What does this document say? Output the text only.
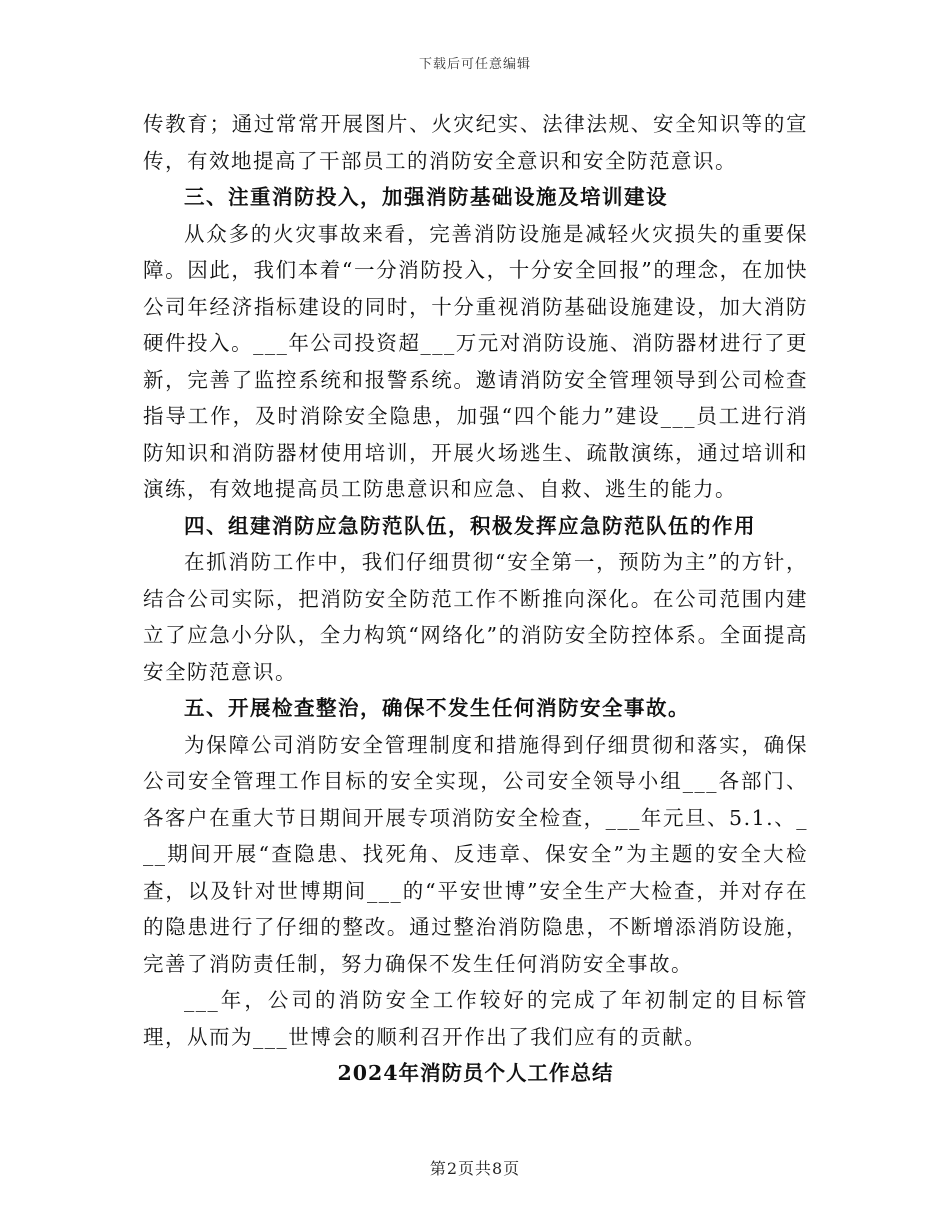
下载后可任意编辑

传教育；通过常常开展图片、火灾纪实、法律法规、安全知识等的宣传，有效地提高了干部员工的消防安全意识和安全防范意识。

三、注重消防投入，加强消防基础设施及培训建设

从众多的火灾事故来看，完善消防设施是减轻火灾损失的重要保障。因此，我们本着“一分消防投入，十分安全回报”的理念，在加快公司年经济指标建设的同时，十分重视消防基础设施建设，加大消防硬件投入。___年公司投资超___万元对消防设施、消防器材进行了更新，完善了监控系统和报警系统。邀请消防安全管理领导到公司检查指导工作，及时消除安全隐患，加强“四个能力”建设___员工进行消防知识和消防器材使用培训，开展火场逃生、疏散演练，通过培训和演练，有效地提高员工防患意识和应急、自救、逃生的能力。

四、组建消防应急防范队伍，积极发挥应急防范队伍的作用

在抓消防工作中，我们仔细贯彻“安全第一，预防为主”的方针，结合公司实际，把消防安全防范工作不断推向深化。在公司范围内建立了应急小分队，全力构筑“网络化”的消防安全防控体系。全面提高安全防范意识。

五、开展检查整治，确保不发生任何消防安全事故。

为保障公司消防安全管理制度和措施得到仔细贯彻和落实，确保公司安全管理工作目标的安全实现，公司安全领导小组___各部门、各客户在重大节日期间开展专项消防安全检查，___年元旦、5.1.、___期间开展“查隐患、找死角、反违章、保安全”为主题的安全大检查，以及针对世博期间___的“平安世博”安全生产大检查，并对存在的隐患进行了仔细的整改。通过整治消防隐患，不断增添消防设施，完善了消防责任制，努力确保不发生任何消防安全事故。

___年，公司的消防安全工作较好的完成了年初制定的目标管理，从而为___世博会的顺利召开作出了我们应有的贡献。

2024年消防员个人工作总结

第2页共8页
